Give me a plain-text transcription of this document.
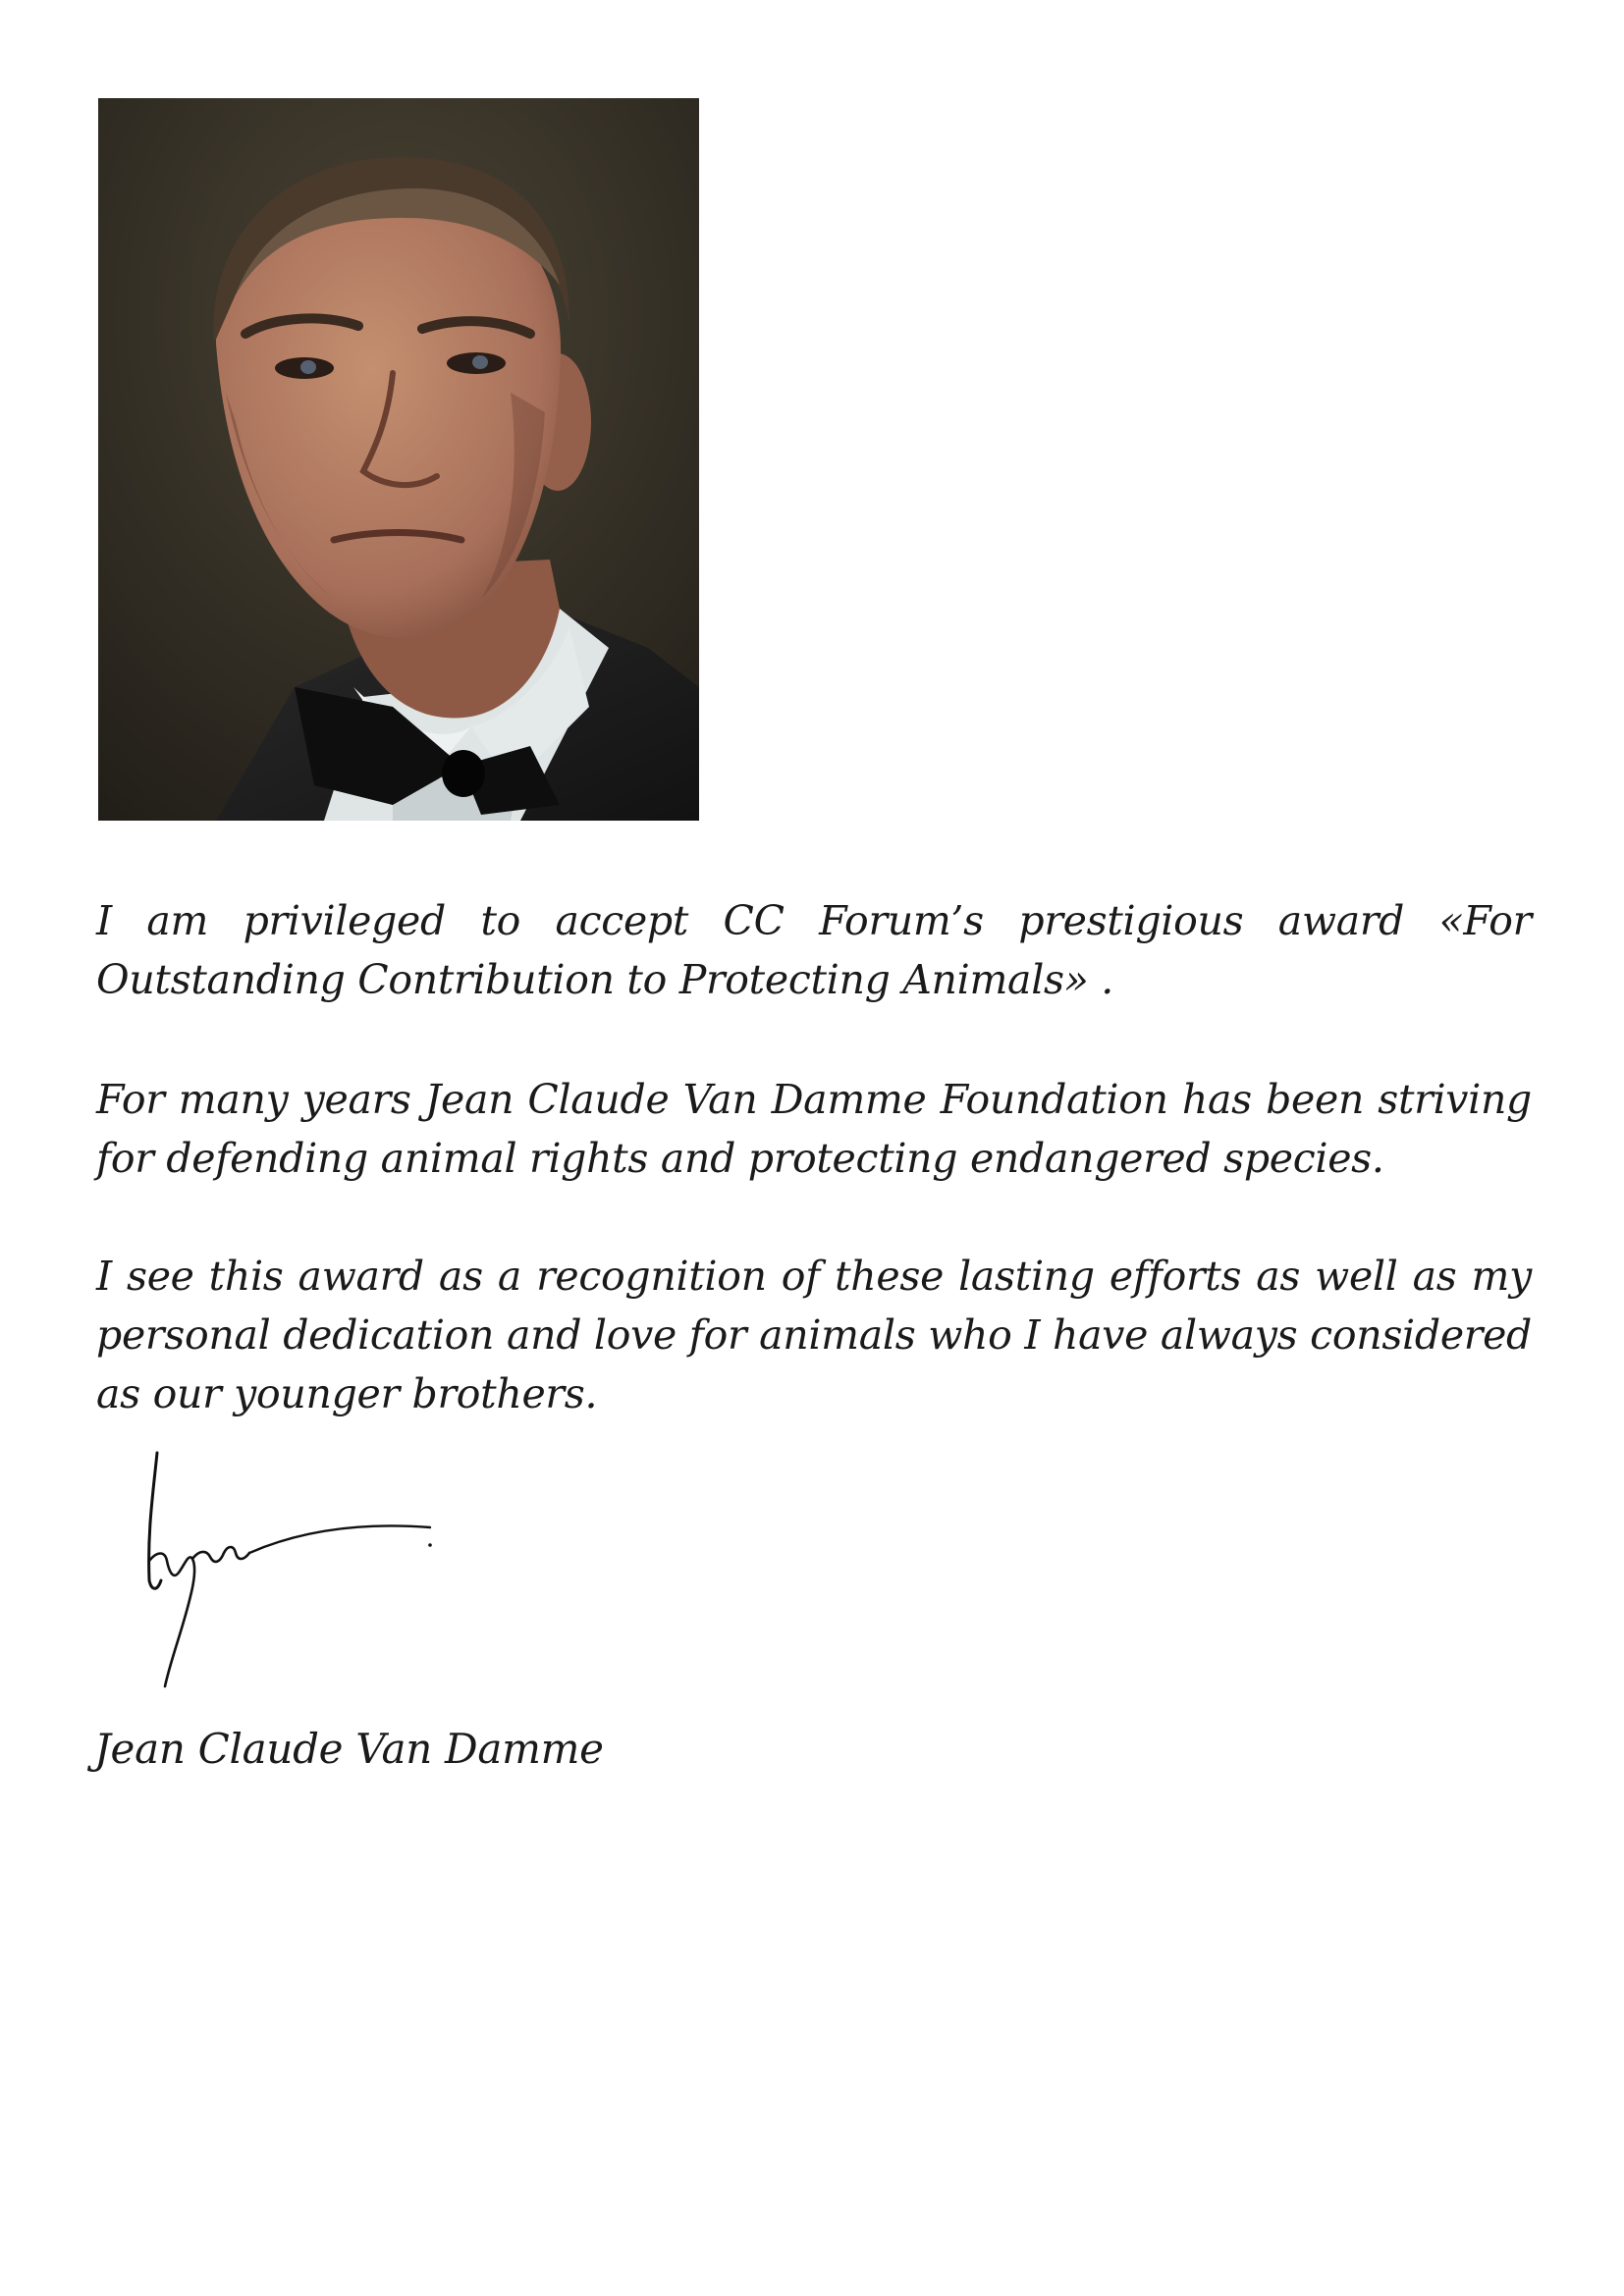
I am privileged to accept CC Forum’s prestigious award «For Outstanding Contribution to Protecting Animals» .

For many years Jean Claude Van Damme Foundation has been striving for defending animal rights and protecting endangered species.

I see this award as a recognition of these lasting efforts as well as my personal dedication and love for animals who I have always considered as our younger brothers.

Jean Claude Van Damme
